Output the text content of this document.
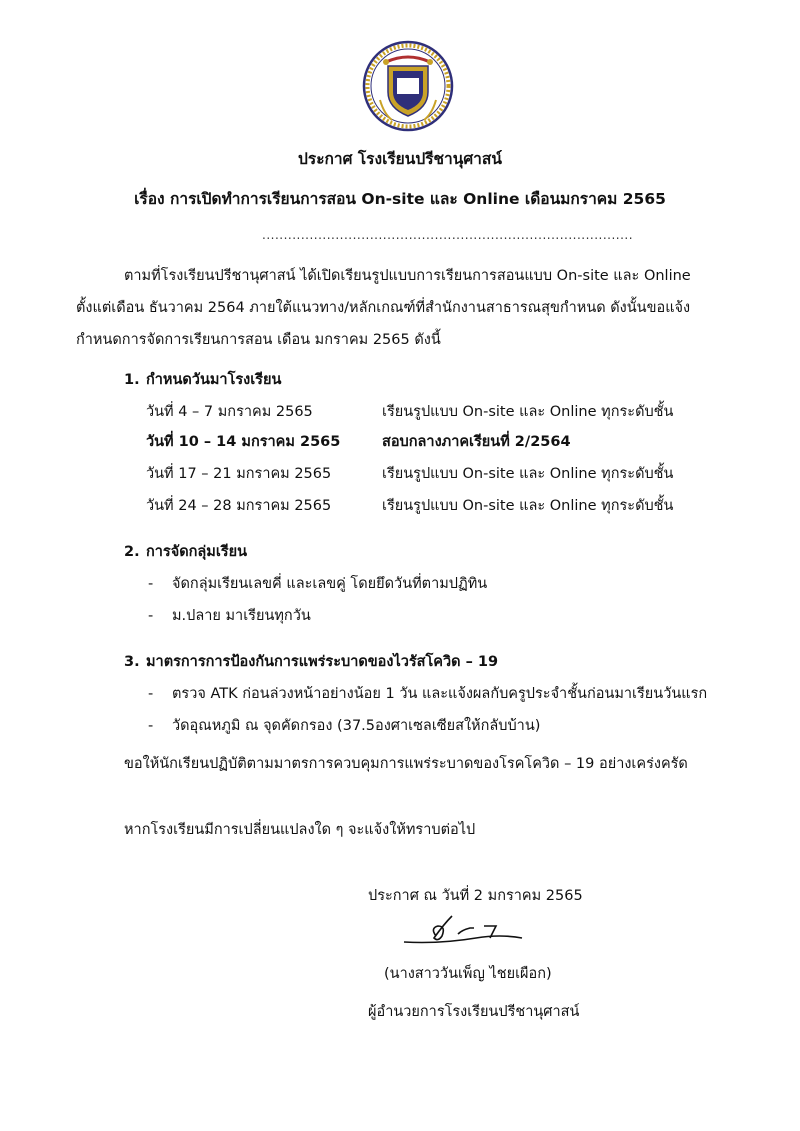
ประกาศ โรงเรียนปรีชานุศาสน์
เรื่อง การเปิดทำการเรียนการสอน On-site และ Online เดือนมกราคม 2565
......................................................................................
ตามที่โรงเรียนปรีชานุศาสน์ ได้เปิดเรียนรูปแบบการเรียนการสอนแบบ On-site และ Online
ตั้งแต่เดือน ธันวาคม 2564 ภายใต้แนวทาง/หลักเกณฑ์ที่สำนักงานสาธารณสุขกำหนด ดังนั้นขอแจ้ง
กำหนดการจัดการเรียนการสอน เดือน มกราคม 2565 ดังนี้
1. กำหนดวันมาโรงเรียน
วันที่ 4 – 7 มกราคม 2565	เรียนรูปแบบ On-site และ Online ทุกระดับชั้น
วันที่ 10 – 14 มกราคม 2565	สอบกลางภาคเรียนที่ 2/2564
วันที่ 17 – 21 มกราคม 2565	เรียนรูปแบบ On-site และ Online ทุกระดับชั้น
วันที่ 24 – 28 มกราคม 2565	เรียนรูปแบบ On-site และ Online ทุกระดับชั้น
2. การจัดกลุ่มเรียน
- จัดกลุ่มเรียนเลขคี่ และเลขคู่ โดยยึดวันที่ตามปฏิทิน
- ม.ปลาย มาเรียนทุกวัน
3. มาตรการการป้องกันการแพร่ระบาดของไวรัสโควิด – 19
- ตรวจ ATK ก่อนล่วงหน้าอย่างน้อย 1 วัน และแจ้งผลกับครูประจำชั้นก่อนมาเรียนวันแรก
- วัดอุณหภูมิ ณ จุดคัดกรอง (37.5องศาเซลเซียสให้กลับบ้าน)
ขอให้นักเรียนปฏิบัติตามมาตรการควบคุมการแพร่ระบาดของโรคโควิด – 19 อย่างเคร่งครัด
หากโรงเรียนมีการเปลี่ยนแปลงใด ๆ จะแจ้งให้ทราบต่อไป
ประกาศ ณ วันที่ 2 มกราคม 2565
(นางสาววันเพ็ญ ไชยเผือก)
ผู้อำนวยการโรงเรียนปรีชานุศาสน์
